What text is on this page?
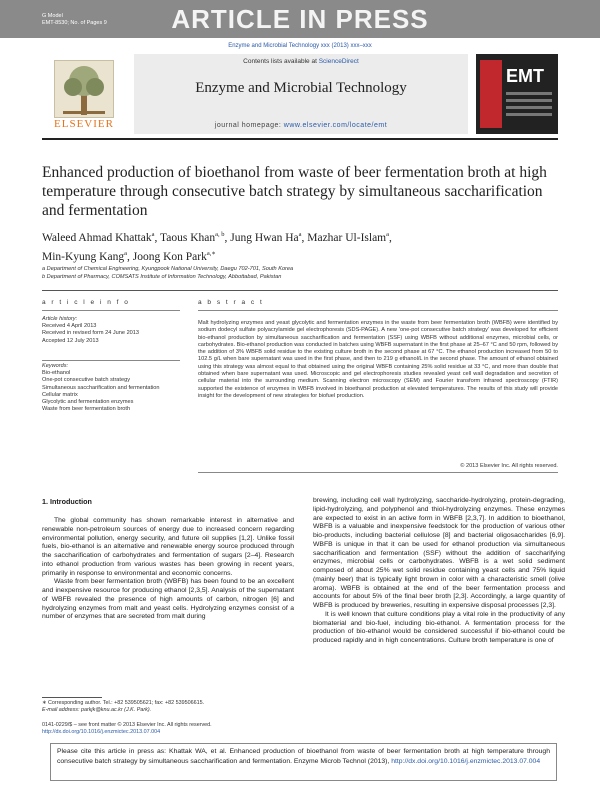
G Model
EMT-8530; No. of Pages 9	ARTICLE IN PRESS
Enzyme and Microbial Technology xxx (2013) xxx–xxx
ELSEVIER
Contents lists available at ScienceDirect
Enzyme and Microbial Technology
journal homepage: www.elsevier.com/locate/emt
EMT
Enhanced production of bioethanol from waste of beer fermentation broth at high temperature through consecutive batch strategy by simultaneous saccharification and fermentation
Waleed Ahmad Khattak$^a$, Taous Khan$^{a, b}$, Jung Hwan Ha$^a$, Mazhar Ul-Islam$^a$,
Min-Kyung Kang$^a$, Joong Kon Park$^{a,∗}$
a Department of Chemical Engineering, Kyungpook National University, Daegu 702-701, South Korea
b Department of Pharmacy, COMSATS Institute of Information Technology, Abbottabad, Pakistan
a r t i c l e i n f o
Article history:
Received 4 April 2013
Received in revised form 24 June 2013
Accepted 12 July 2013
Keywords:
Bio-ethanol
One-pot consecutive batch strategy
Simultaneous saccharification and fermentation
Cellular matrix
Glycolytic and fermentation enzymes
Waste from beer fermentation broth
a b s t r a c t
Malt hydrolyzing enzymes and yeast glycolytic and fermentation enzymes in the waste from beer fermentation broth (WBFB) were identified by sodium dodecyl sulfate polyacrylamide gel electrophoresis (SDS-PAGE). A new ‘one-pot consecutive batch strategy’ was developed for efficient bio-ethanol production by simultaneous saccharification and fermentation (SSF) using WBFB without additional enzymes, microbial cells, or carbohydrates. Bio-ethanol production was conducted in batches using WBFB supernatant in the first phase at 25–67 °C and 50 rpm, followed by the addition of 3% WBFB solid residue to the existing culture broth in the second phase at 67 °C. The ethanol production increased from 50 to 102.5 g/L when bare supernatant was used in the first phase, and then to 219 g ethanol/L in the second phase. The amount of ethanol obtained using this strategy was almost equal to that obtained using the original WBFB containing 25% solid residue at 33 °C, and more than double that obtained when bare supernatant was used. Microscopic and gel electrophoresis studies revealed yeast cell wall degradation and secretion of cellular material into the surrounding medium. Scanning electron microscopy (SEM) and Fourier transform infrared spectroscopy (FTIR) supported the existence of enzymes in WBFB involved in bioethanol production at elevated temperatures. The results of this study will provide insight for the development of new strategies for biofuel production.
© 2013 Elsevier Inc. All rights reserved.
1. Introduction

The global community has shown remarkable interest in alternative and renewable non-petroleum sources of energy due to increased concern regarding environmental pollution, energy security, and future oil supplies [1,2]. Unlike fossil fuels, bio-ethanol is an alternative and renewable energy source produced through the saccharification of carbohydrates and fermentation of sugars [2–4]. Research into ethanol production from various wastes has been growing in recent years, primarily in response to environmental and economic concerns.

Waste from beer fermentation broth (WBFB) has been found to be an excellent and inexpensive resource for producing ethanol [2,3,5]. Analysis of the supernatant of WBFB revealed the presence of high amounts of carbon, nitrogen [6] and hydrolyzing enzymes from malt and yeast cells. Hydrolyzing enzymes consist of a number of enzymes that are secreted from malt during

brewing, including cell wall hydrolyzing, saccharide-hydrolyzing, protein-degrading, lipid-hydrolyzing, and polyphenol and thiol-hydrolyzing enzymes. These enzymes are expected to exist in an active form in WBFB [2,3,7]. In addition to bioethanol, WBFB is a valuable and inexpensive feedstock for the production of various other bio-products, including bacterial cellulose [8] and bacterial oligosaccharides [6,9]. WBFB is unique in that it can be used for ethanol production via simultaneous saccharification and fermentation (SSF) without the addition of saccharifying enzymes, microbial cells or carbohydrates. WBFB is a wet solid sediment composed of about 25% wet solid residue containing yeast cells and 75% liquid (mainly beer) that is typically light brown in color with a characteristic smell (olive aroma). WBFB is obtained at the end of the beer fermentation process and accounts for about 5% of the final beer broth [2,3]. Accordingly, a large quantity of WBFB is produced by breweries, resulting in expensive disposal processes [2,3].

It is well known that culture conditions play a vital role in the productivity of any biomaterial and bio-fuel, including bio-ethanol. A fermentation process for the production of bio-ethanol would be considered successful if bio-ethanol could be produced rapidly and in high concentrations. Culture broth temperature is one of

∗ Corresponding author. Tel.: +82 539505621; fax: +82 539506615.
E-mail address: parkjk@knu.ac.kr (J.K. Park).
0141-0229/$ – see front matter © 2013 Elsevier Inc. All rights reserved.
http://dx.doi.org/10.1016/j.enzmictec.2013.07.004
Please cite this article in press as: Khattak WA, et al. Enhanced production of bioethanol from waste of beer fermentation broth at high temperature through consecutive batch strategy by simultaneous saccharification and fermentation. Enzyme Microb Technol (2013), http://dx.doi.org/10.1016/j.enzmictec.2013.07.004
